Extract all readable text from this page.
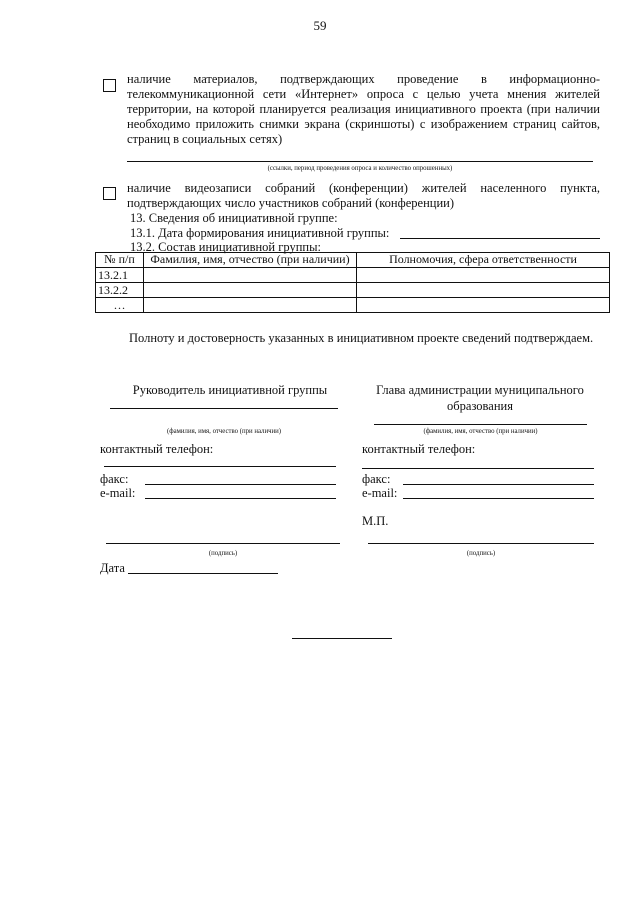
59
наличие материалов, подтверждающих проведение в информационно-телекоммуникационной сети «Интернет» опроса с целью учета мнения жителей территории, на которой планируется реализация инициативного проекта (при наличии необходимо приложить снимки экрана (скриншоты) с изображением страниц сайтов, страниц в социальных сетях)
(ссылки, период проведения опроса и количество опрошенных)
наличие видеозаписи собраний (конференции) жителей населенного пункта, подтверждающих число участников собраний (конференции)
13. Сведения об инициативной группе:
13.1. Дата формирования инициативной группы:
13.2. Состав инициативной группы:
№ п/п	Фамилия, имя, отчество (при наличии)	Полномочия, сфера ответственности
13.2.1		
13.2.2		
…		
Полноту и достоверность указанных в инициативном проекте сведений подтверждаем.
Руководитель инициативной группы
(фамилия, имя, отчество (при наличии)
контактный телефон:
факс:
e-mail:
(подпись)
Дата
Глава администрации муниципального образования
(фамилия, имя, отчество (при наличии)
контактный телефон:
факс:
e-mail:
М.П.
(подпись)
